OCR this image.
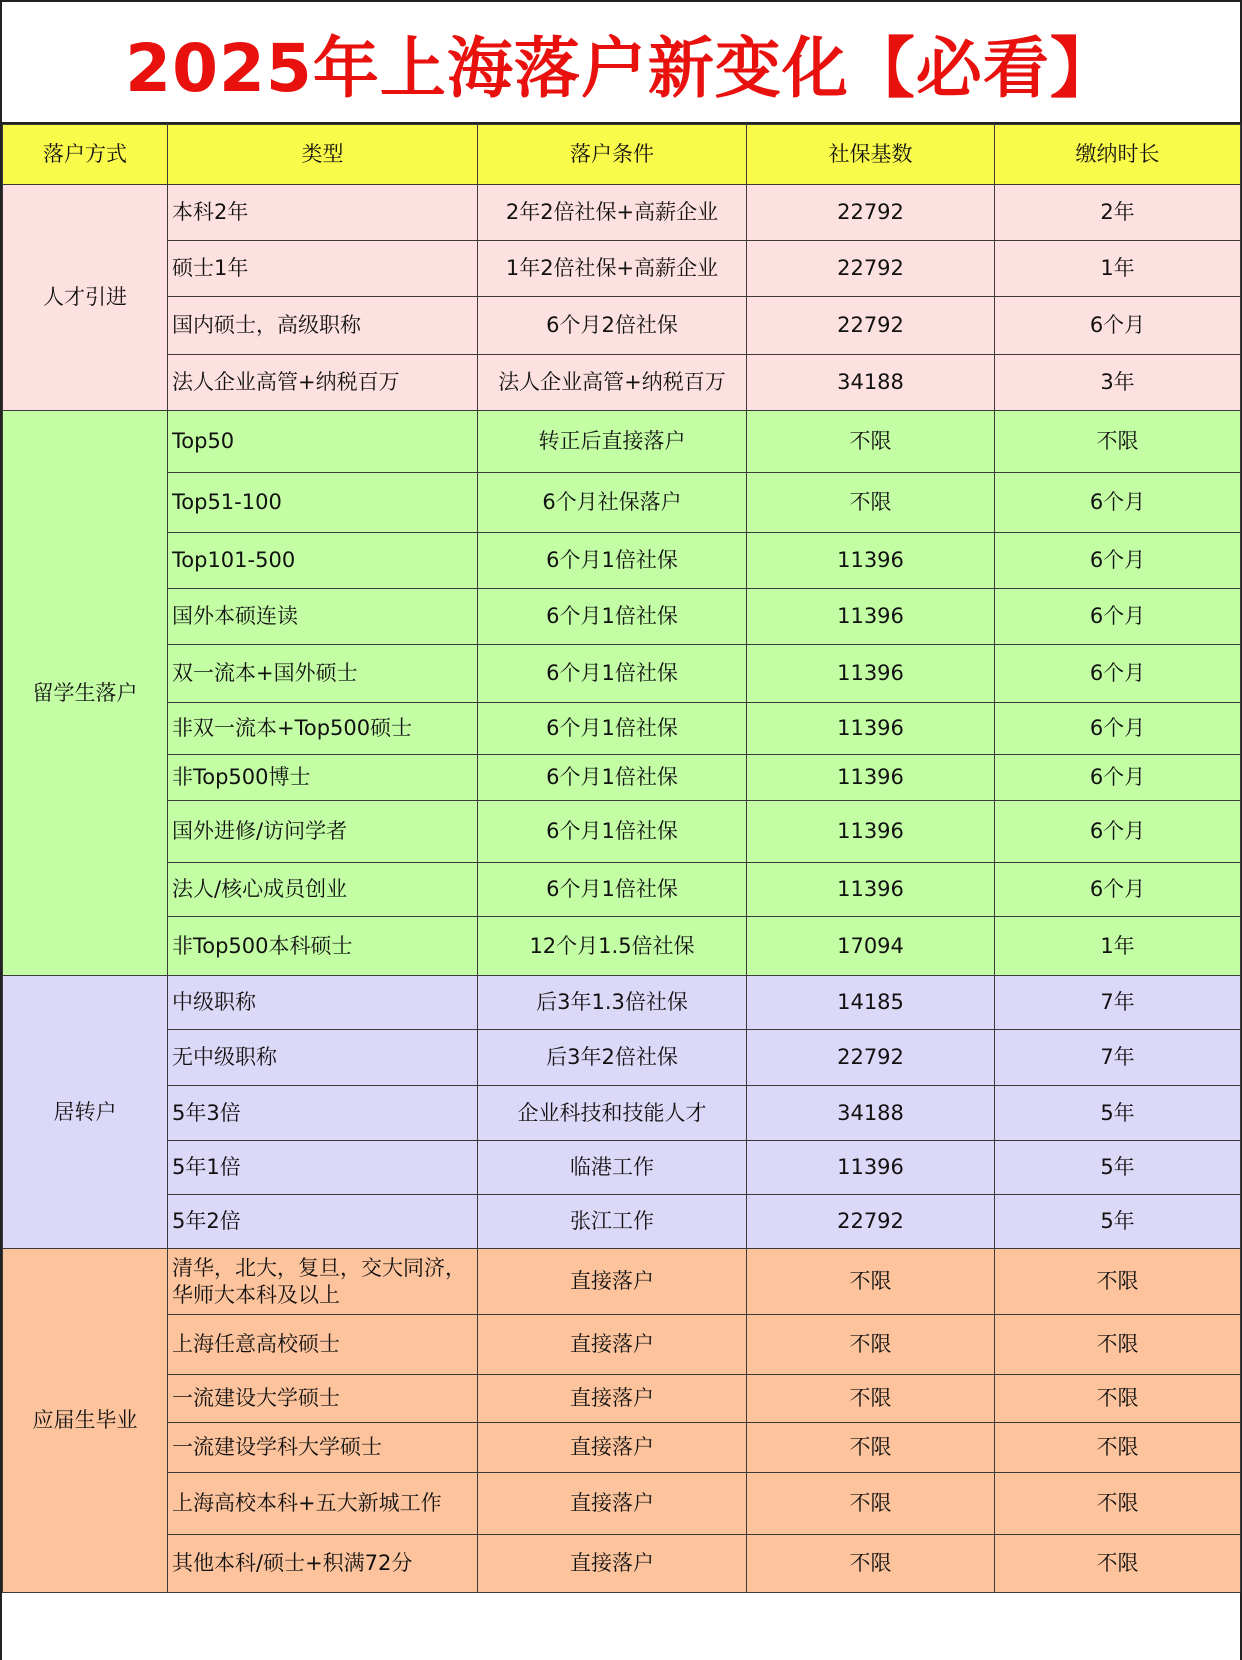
2025年上海落户新变化【必看】
落户方式	类型	落户条件	社保基数	缴纳时长
人才引进	本科2年	2年2倍社保+高薪企业	22792	2年
	硕士1年	1年2倍社保+高薪企业	22792	1年
	国内硕士，高级职称	6个月2倍社保	22792	6个月
	法人企业高管+纳税百万	法人企业高管+纳税百万	34188	3年
留学生落户	Top50	转正后直接落户	不限	不限
	Top51-100	6个月社保落户	不限	6个月
	Top101-500	6个月1倍社保	11396	6个月
	国外本硕连读	6个月1倍社保	11396	6个月
	双一流本+国外硕士	6个月1倍社保	11396	6个月
	非双一流本+Top500硕士	6个月1倍社保	11396	6个月
	非Top500博士	6个月1倍社保	11396	6个月
	国外进修/访问学者	6个月1倍社保	11396	6个月
	法人/核心成员创业	6个月1倍社保	11396	6个月
	非Top500本科硕士	12个月1.5倍社保	17094	1年
居转户	中级职称	后3年1.3倍社保	14185	7年
	无中级职称	后3年2倍社保	22792	7年
	5年3倍	企业科技和技能人才	34188	5年
	5年1倍	临港工作	11396	5年
	5年2倍	张江工作	22792	5年
应届生毕业	清华，北大，复旦，交大同济，华师大本科及以上	直接落户	不限	不限
	上海任意高校硕士	直接落户	不限	不限
	一流建设大学硕士	直接落户	不限	不限
	一流建设学科大学硕士	直接落户	不限	不限
	上海高校本科+五大新城工作	直接落户	不限	不限
	其他本科/硕士+积满72分	直接落户	不限	不限
